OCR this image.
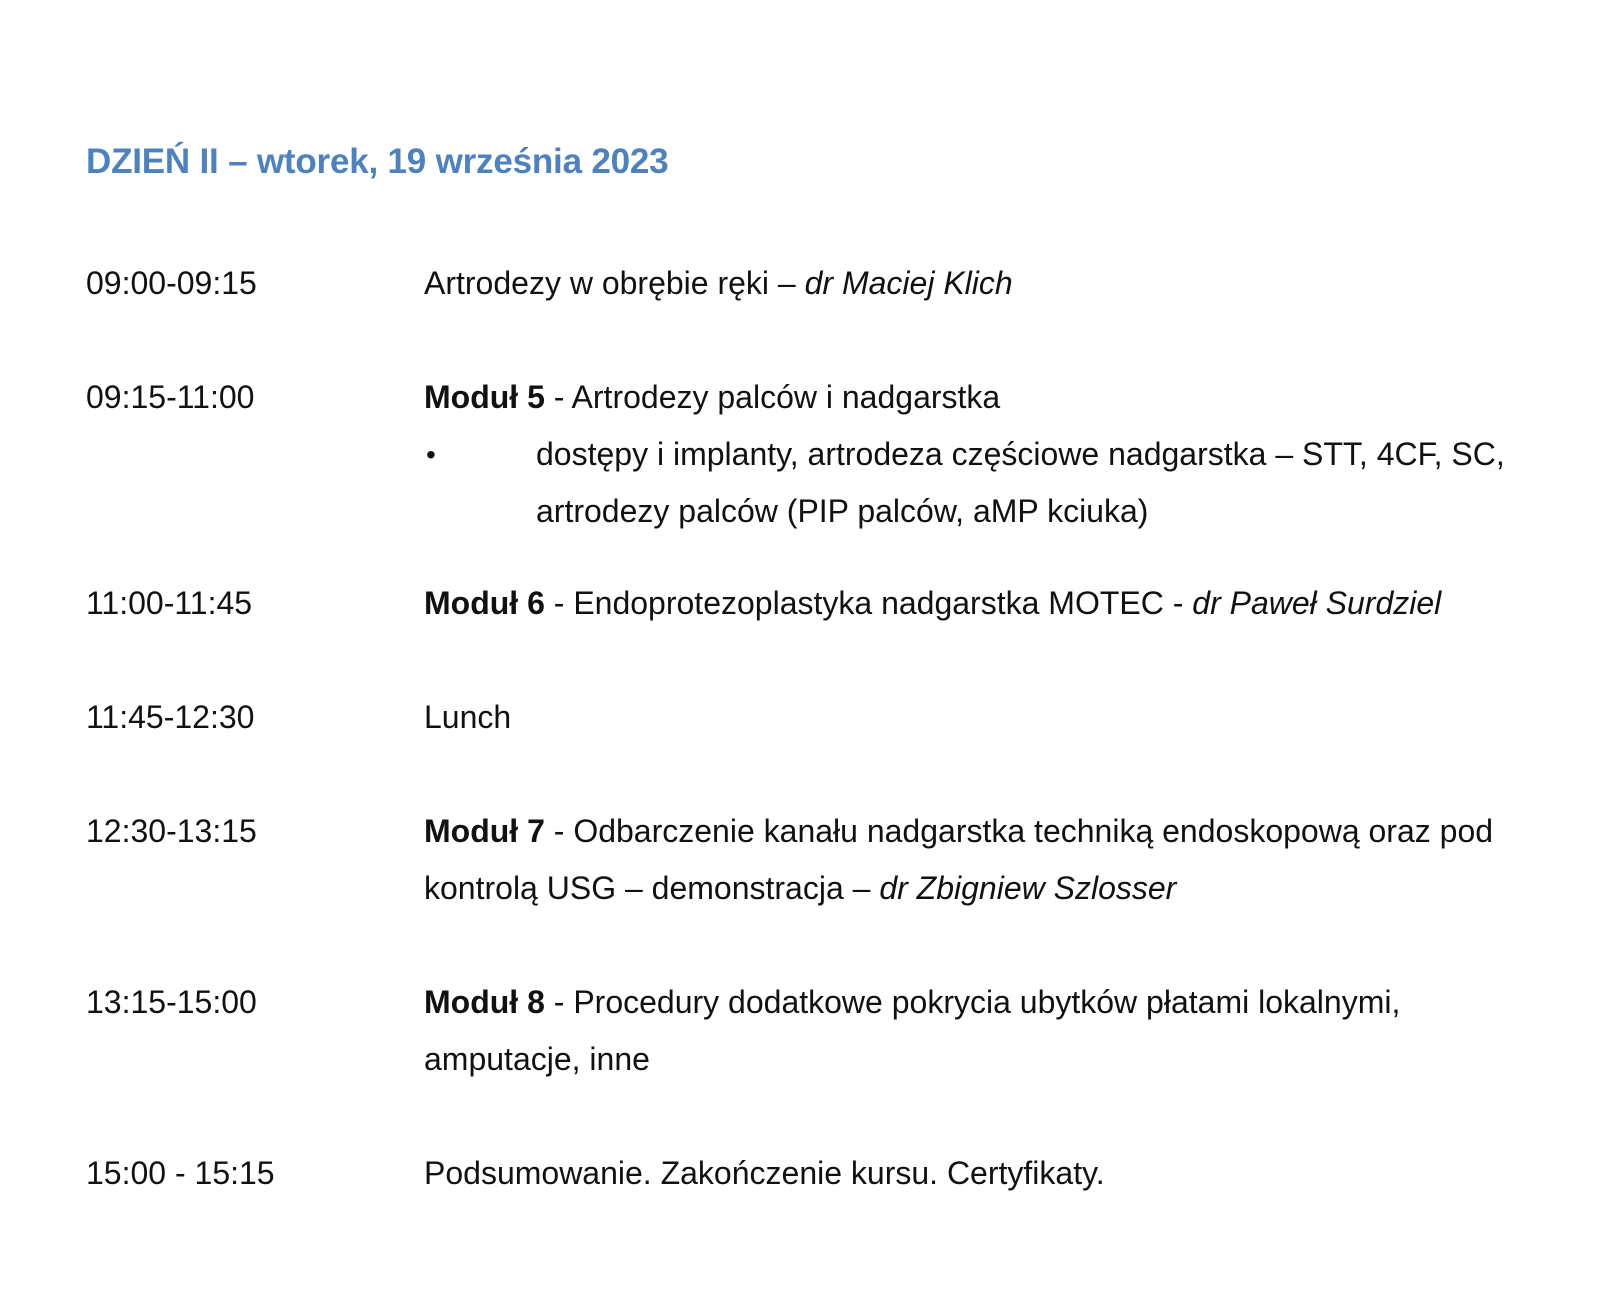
DZIEŃ II – wtorek, 19 września 2023
09:00-09:15	Artrodezy w obrębie ręki – dr Maciej Klich
09:15-11:00	Moduł 5 - Artrodezy palców i nadgarstka
•	dostępy i implanty, artrodeza częściowe nadgarstka – STT, 4CF, SC, artrodezy palców (PIP palców, aMP kciuka)
11:00-11:45	Moduł 6 - Endoprotezoplastyka nadgarstka MOTEC - dr Paweł Surdziel
11:45-12:30	Lunch
12:30-13:15	Moduł 7 - Odbarczenie kanału nadgarstka techniką endoskopową oraz pod kontrolą USG – demonstracja – dr Zbigniew Szlosser
13:15-15:00	Moduł 8 - Procedury dodatkowe pokrycia ubytków płatami lokalnymi, amputacje, inne
15:00 - 15:15	Podsumowanie. Zakończenie kursu. Certyfikaty.
